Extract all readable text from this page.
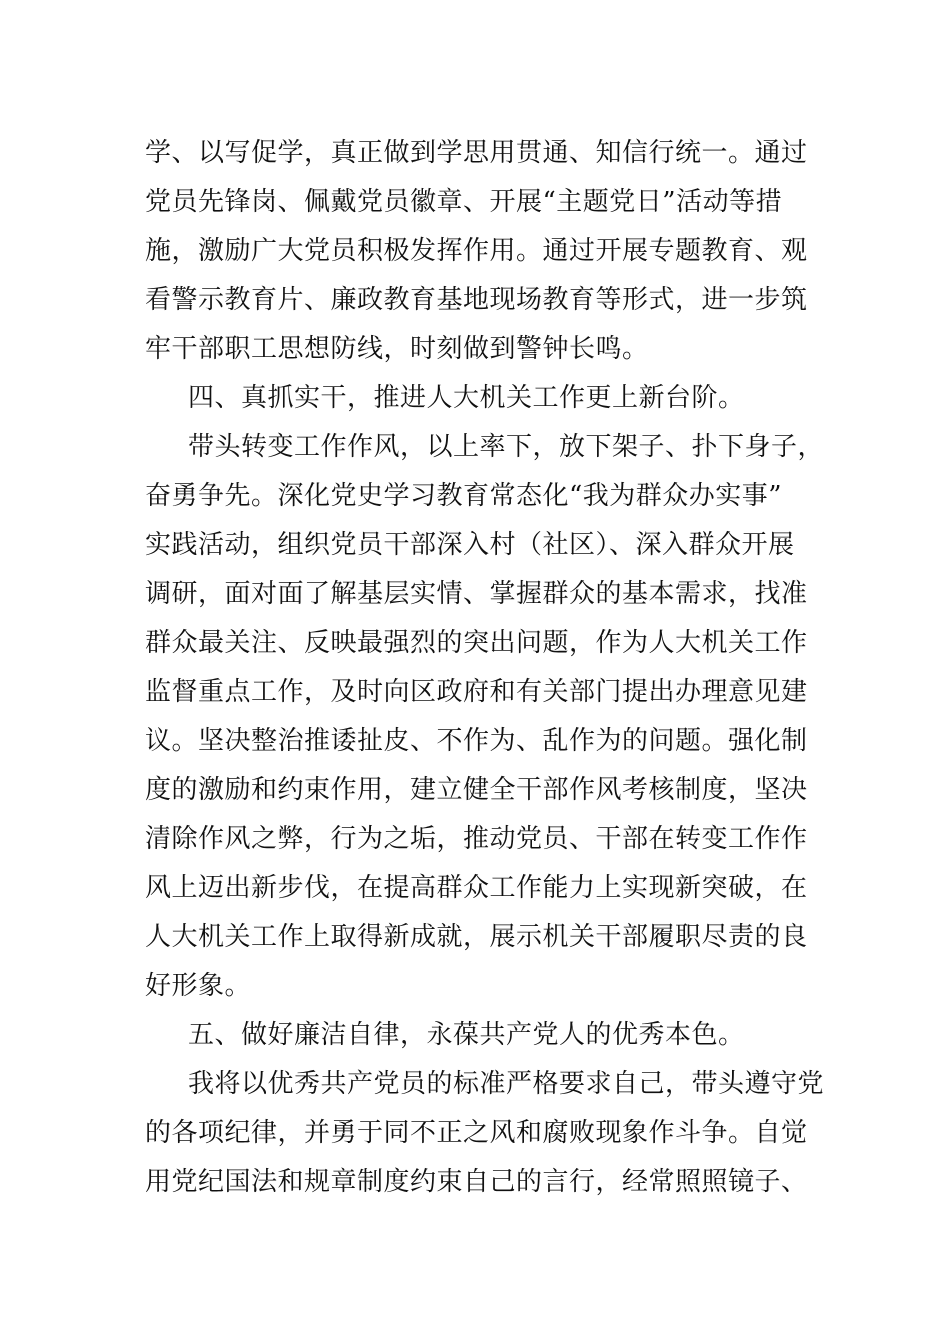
学、以写促学，真正做到学思用贯通、知信行统一。通过
党员先锋岗、佩戴党员徽章、开展“主题党日”活动等措
施，激励广大党员积极发挥作用。通过开展专题教育、观
看警示教育片、廉政教育基地现场教育等形式，进一步筑
牢干部职工思想防线，时刻做到警钟长鸣。
四、真抓实干，推进人大机关工作更上新台阶。
带头转变工作作风，以上率下，放下架子、扑下身子，
奋勇争先。深化党史学习教育常态化“我为群众办实事”
实践活动，组织党员干部深入村（社区）、深入群众开展
调研，面对面了解基层实情、掌握群众的基本需求，找准
群众最关注、反映最强烈的突出问题，作为人大机关工作
监督重点工作，及时向区政府和有关部门提出办理意见建
议。坚决整治推诿扯皮、不作为、乱作为的问题。强化制
度的激励和约束作用，建立健全干部作风考核制度，坚决
清除作风之弊，行为之垢，推动党员、干部在转变工作作
风上迈出新步伐，在提高群众工作能力上实现新突破，在
人大机关工作上取得新成就，展示机关干部履职尽责的良
好形象。
五、做好廉洁自律，永葆共产党人的优秀本色。
我将以优秀共产党员的标准严格要求自己，带头遵守党
的各项纪律，并勇于同不正之风和腐败现象作斗争。自觉
用党纪国法和规章制度约束自己的言行，经常照照镜子、
